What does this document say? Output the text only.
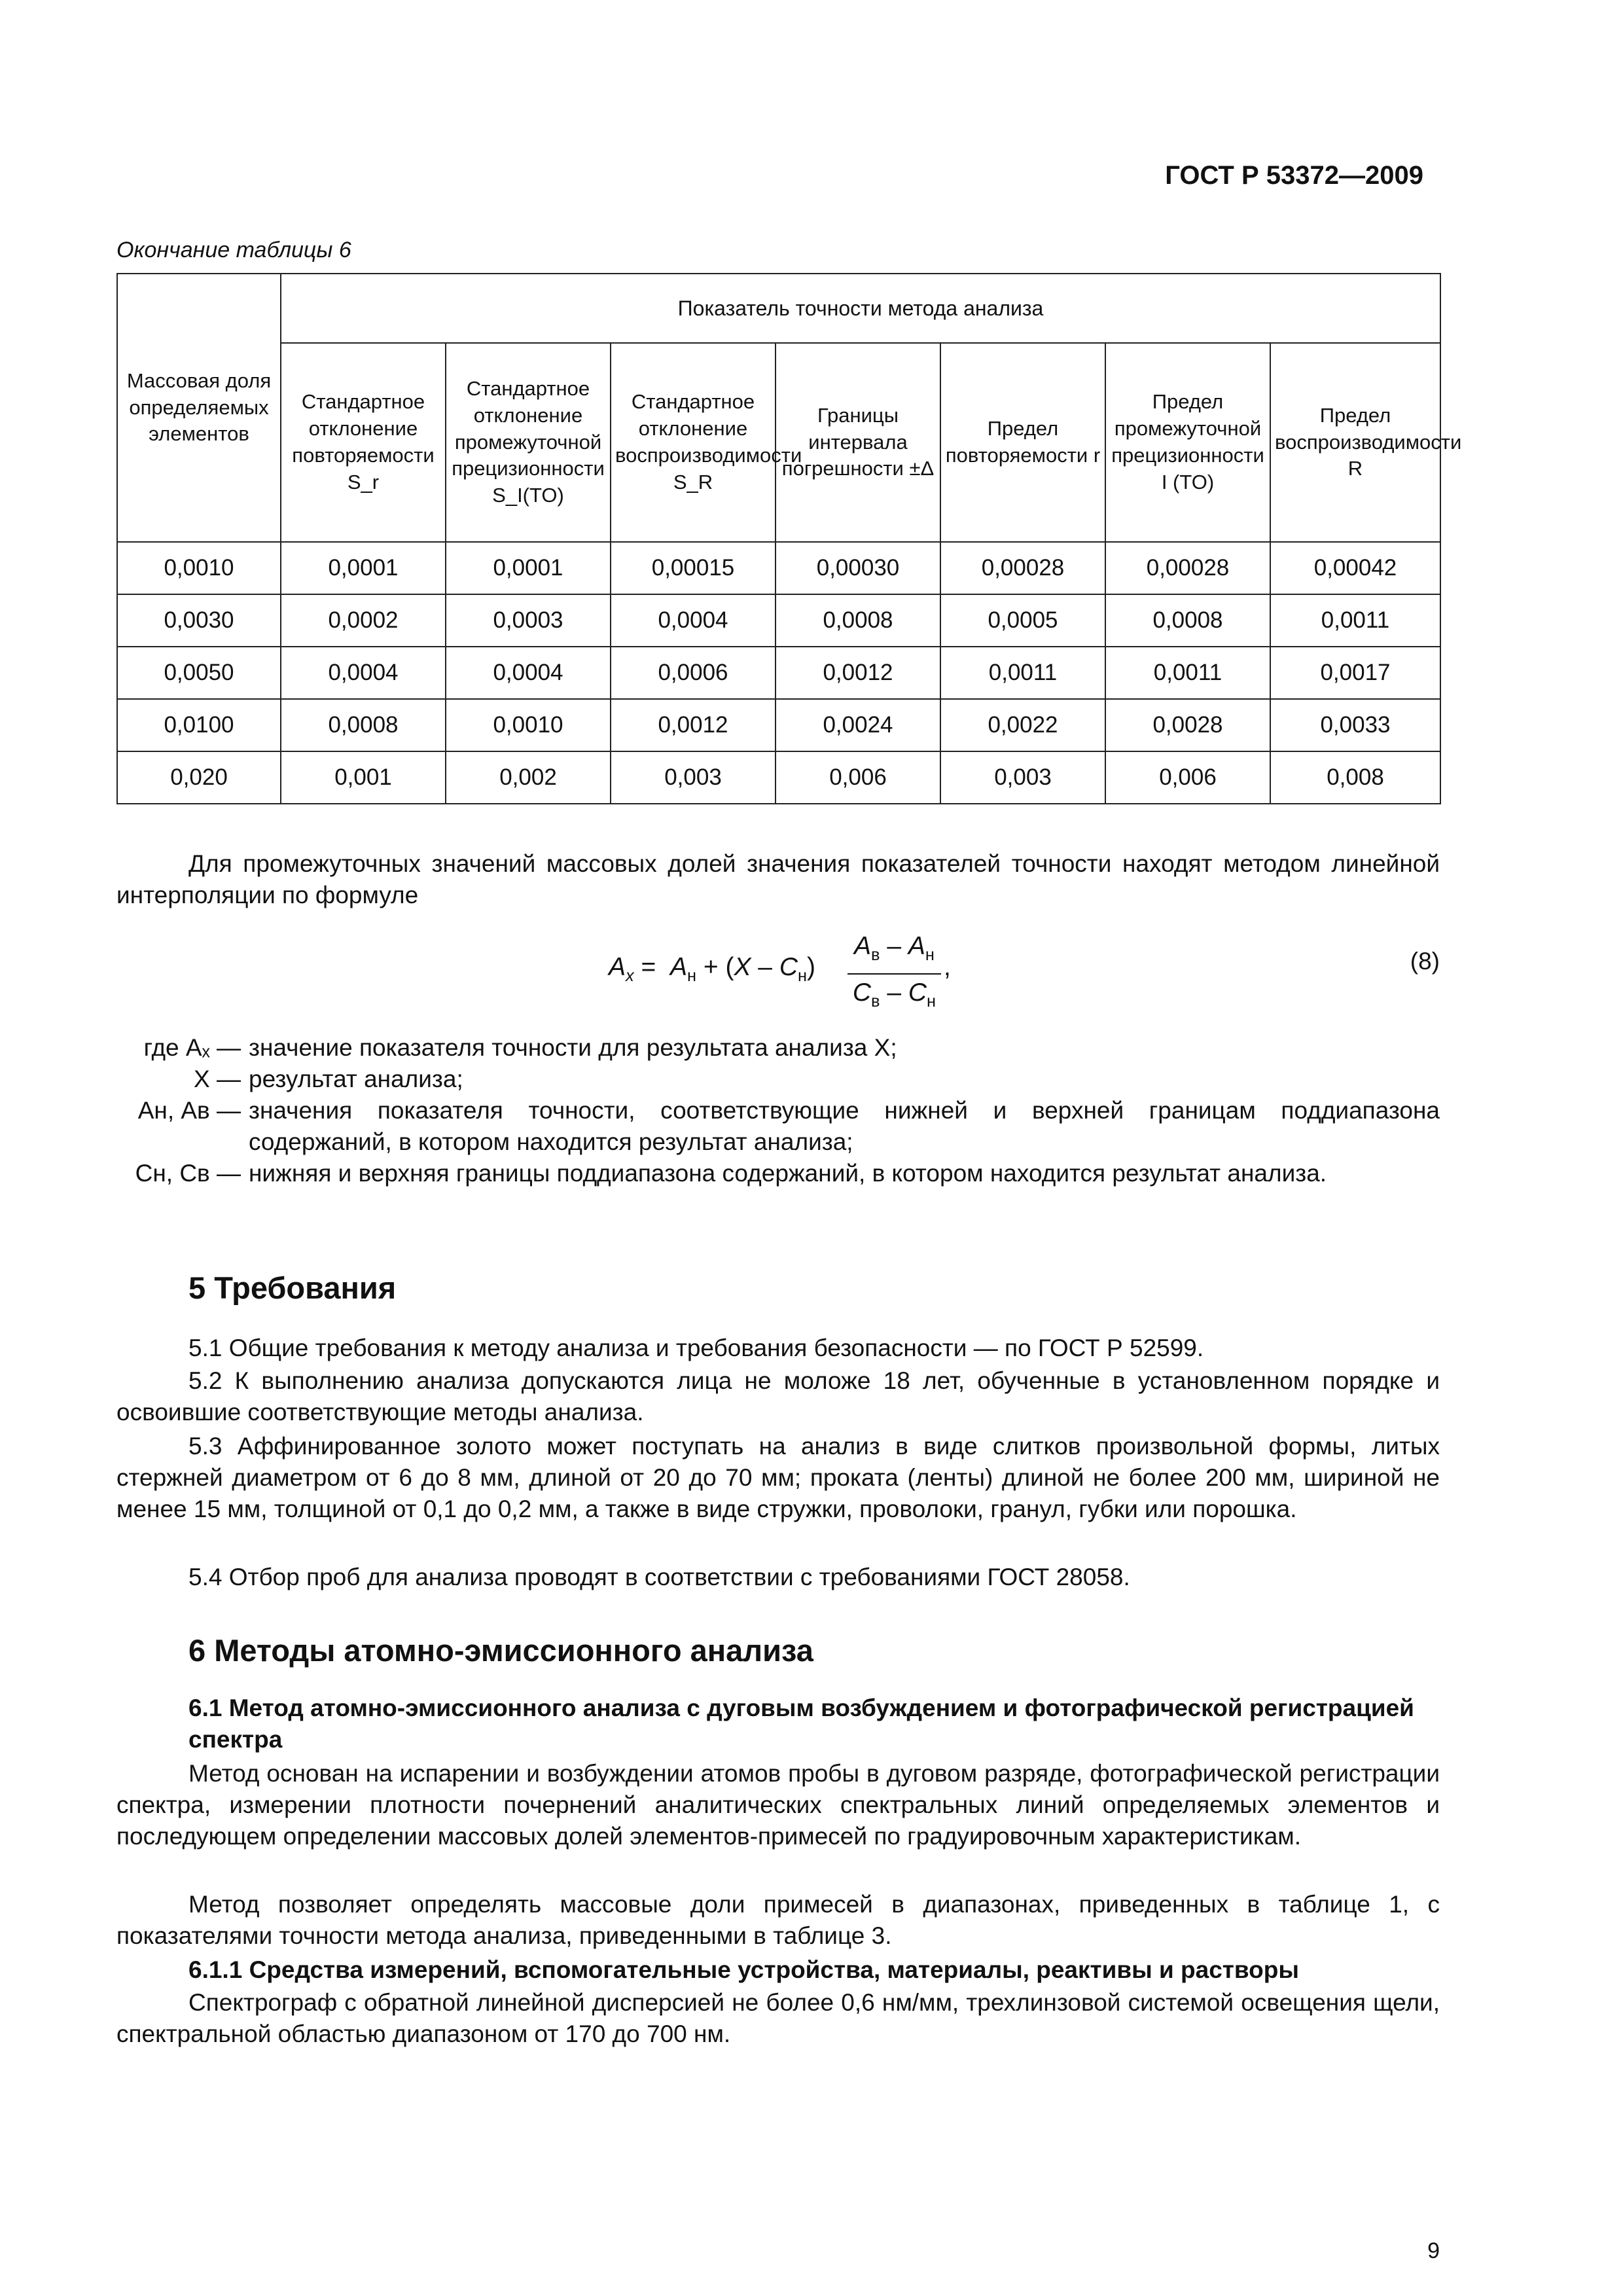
ГОСТ Р 53372—2009
Окончание таблицы 6
Массовая доля определяемых элементов	Показатель точности метода анализа						
	Стандартное отклонение повторяемости S_r	Стандартное отклонение промежуточной прецизионности S_I(TO)	Стандартное отклонение воспроизводимости S_R	Границы интервала погрешности ±Δ	Предел повторяемости r	Предел промежуточной прецизионности I (TO)	Предел воспроизводимости R
0,0010	0,0001	0,0001	0,00015	0,00030	0,00028	0,00028	0,00042
0,0030	0,0002	0,0003	0,0004	0,0008	0,0005	0,0008	0,0011
0,0050	0,0004	0,0004	0,0006	0,0012	0,0011	0,0011	0,0017
0,0100	0,0008	0,0010	0,0012	0,0024	0,0022	0,0028	0,0033
0,020	0,001	0,002	0,003	0,006	0,003	0,006	0,008
Для промежуточных значений массовых долей значения показателей точности находят методом линейной интерполяции по формуле
$A_x = A_н + (X - C_н)$
$A_в - A_н$
$C_в - C_н$
,	(8)
где Aₓ — значение показателя точности для результата анализа X;
X — результат анализа;
Aн, Aв — значения показателя точности, соответствующие нижней и верхней границам поддиапазона содержаний, в котором находится результат анализа;
Cн, Cв — нижняя и верхняя границы поддиапазона содержаний, в котором находится результат анализа.
5 Требования
5.1 Общие требования к методу анализа и требования безопасности — по ГОСТ Р 52599.
5.2 К выполнению анализа допускаются лица не моложе 18 лет, обученные в установленном порядке и освоившие соответствующие методы анализа.
5.3 Аффинированное золото может поступать на анализ в виде слитков произвольной формы, литых стержней диаметром от 6 до 8 мм, длиной от 20 до 70 мм; проката (ленты) длиной не более 200 мм, шириной не менее 15 мм, толщиной от 0,1 до 0,2 мм, а также в виде стружки, проволоки, гранул, губки или порошка.
5.4 Отбор проб для анализа проводят в соответствии с требованиями ГОСТ 28058.
6 Методы атомно-эмиссионного анализа
6.1 Метод атомно-эмиссионного анализа с дуговым возбуждением и фотографической регистрацией спектра
Метод основан на испарении и возбуждении атомов пробы в дуговом разряде, фотографической регистрации спектра, измерении плотности почернений аналитических спектральных линий определяемых элементов и последующем определении массовых долей элементов-примесей по градуировочным характеристикам.
Метод позволяет определять массовые доли примесей в диапазонах, приведенных в таблице 1, с показателями точности метода анализа, приведенными в таблице 3.
6.1.1 Средства измерений, вспомогательные устройства, материалы, реактивы и растворы
Спектрограф с обратной линейной дисперсией не более 0,6 нм/мм, трехлинзовой системой освещения щели, спектральной областью диапазоном от 170 до 700 нм.
9
